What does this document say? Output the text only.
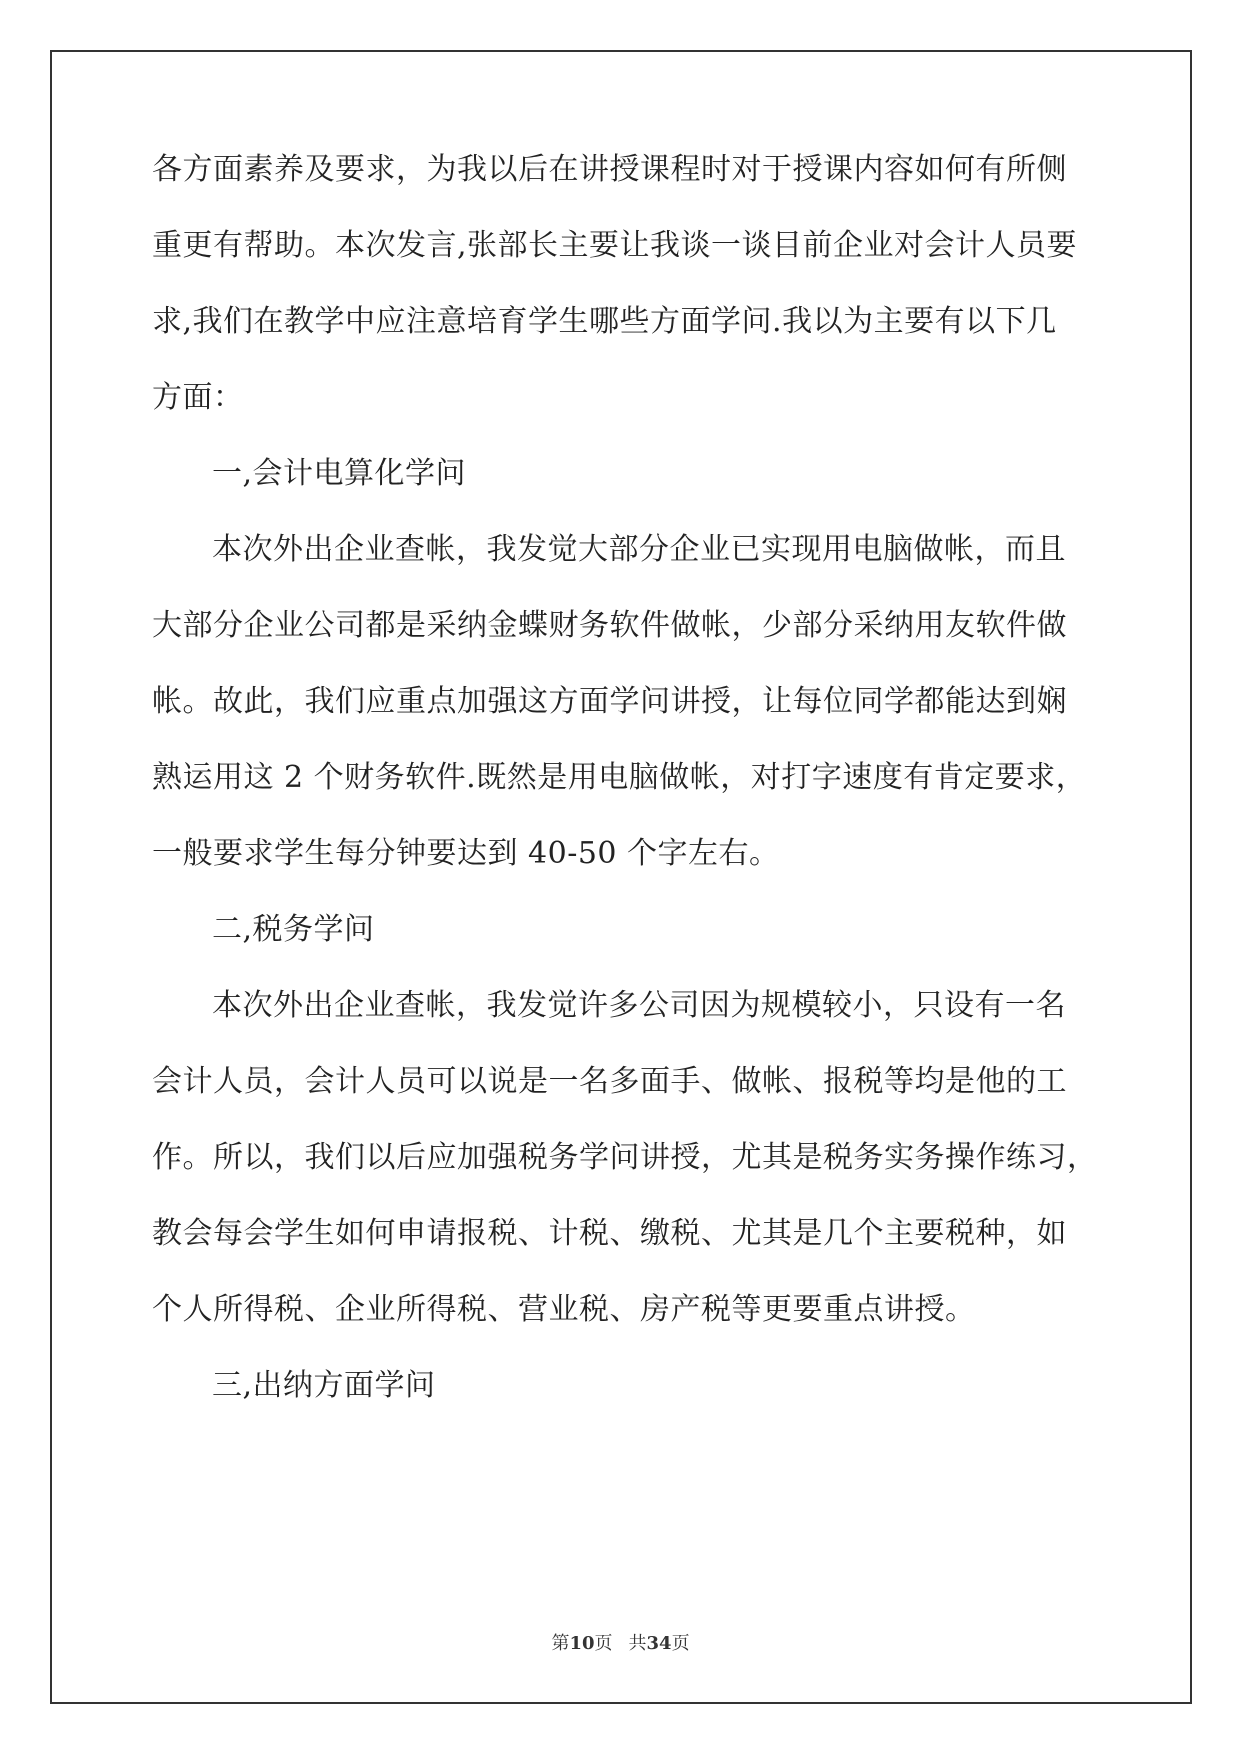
各方面素养及要求，为我以后在讲授课程时对于授课内容如何有所侧
重更有帮助。本次发言,张部长主要让我谈一谈目前企业对会计人员要
求,我们在教学中应注意培育学生哪些方面学问.我以为主要有以下几
方面：
一,会计电算化学问
本次外出企业查帐，我发觉大部分企业已实现用电脑做帐，而且
大部分企业公司都是采纳金蝶财务软件做帐，少部分采纳用友软件做
帐。故此，我们应重点加强这方面学问讲授，让每位同学都能达到娴
熟运用这 2 个财务软件.既然是用电脑做帐，对打字速度有肯定要求，
一般要求学生每分钟要达到 40-50 个字左右。
二,税务学问
本次外出企业查帐，我发觉许多公司因为规模较小，只设有一名
会计人员，会计人员可以说是一名多面手、做帐、报税等均是他的工
作。所以，我们以后应加强税务学问讲授，尤其是税务实务操作练习，
教会每会学生如何申请报税、计税、缴税、尤其是几个主要税种，如
个人所得税、企业所得税、营业税、房产税等更要重点讲授。
三,出纳方面学问
第10页 共34页
